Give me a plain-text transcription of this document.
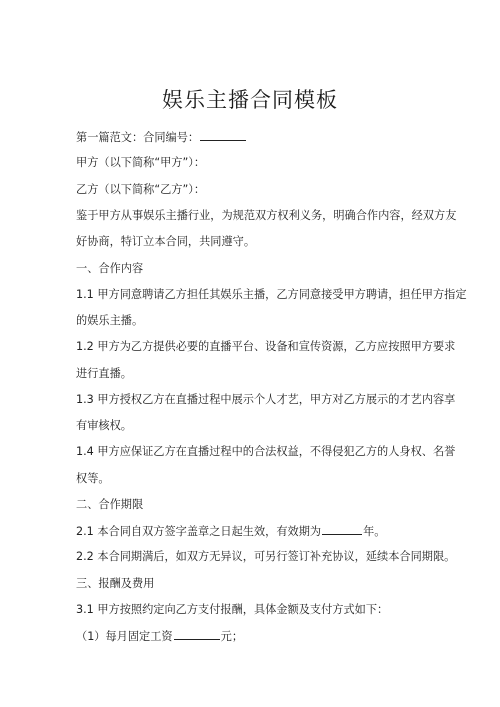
娱乐主播合同模板

第一篇范文：合同编号：

甲方（以下简称“甲方”）：

乙方（以下简称“乙方”）：

鉴于甲方从事娱乐主播行业，为规范双方权利义务，明确合作内容，经双方友

好协商，特订立本合同，共同遵守。

一、合作内容

1.1 甲方同意聘请乙方担任其娱乐主播，乙方同意接受甲方聘请，担任甲方指定

的娱乐主播。

1.2 甲方为乙方提供必要的直播平台、设备和宣传资源，乙方应按照甲方要求

进行直播。

1.3 甲方授权乙方在直播过程中展示个人才艺，甲方对乙方展示的才艺内容享

有审核权。

1.4 甲方应保证乙方在直播过程中的合法权益，不得侵犯乙方的人身权、名誉

权等。

二、合作期限

2.1 本合同自双方签字盖章之日起生效，有效期为	年。

2.2 本合同期满后，如双方无异议，可另行签订补充协议，延续本合同期限。

三、报酬及费用

3.1 甲方按照约定向乙方支付报酬，具体金额及支付方式如下：

（1）每月固定工资	元；
